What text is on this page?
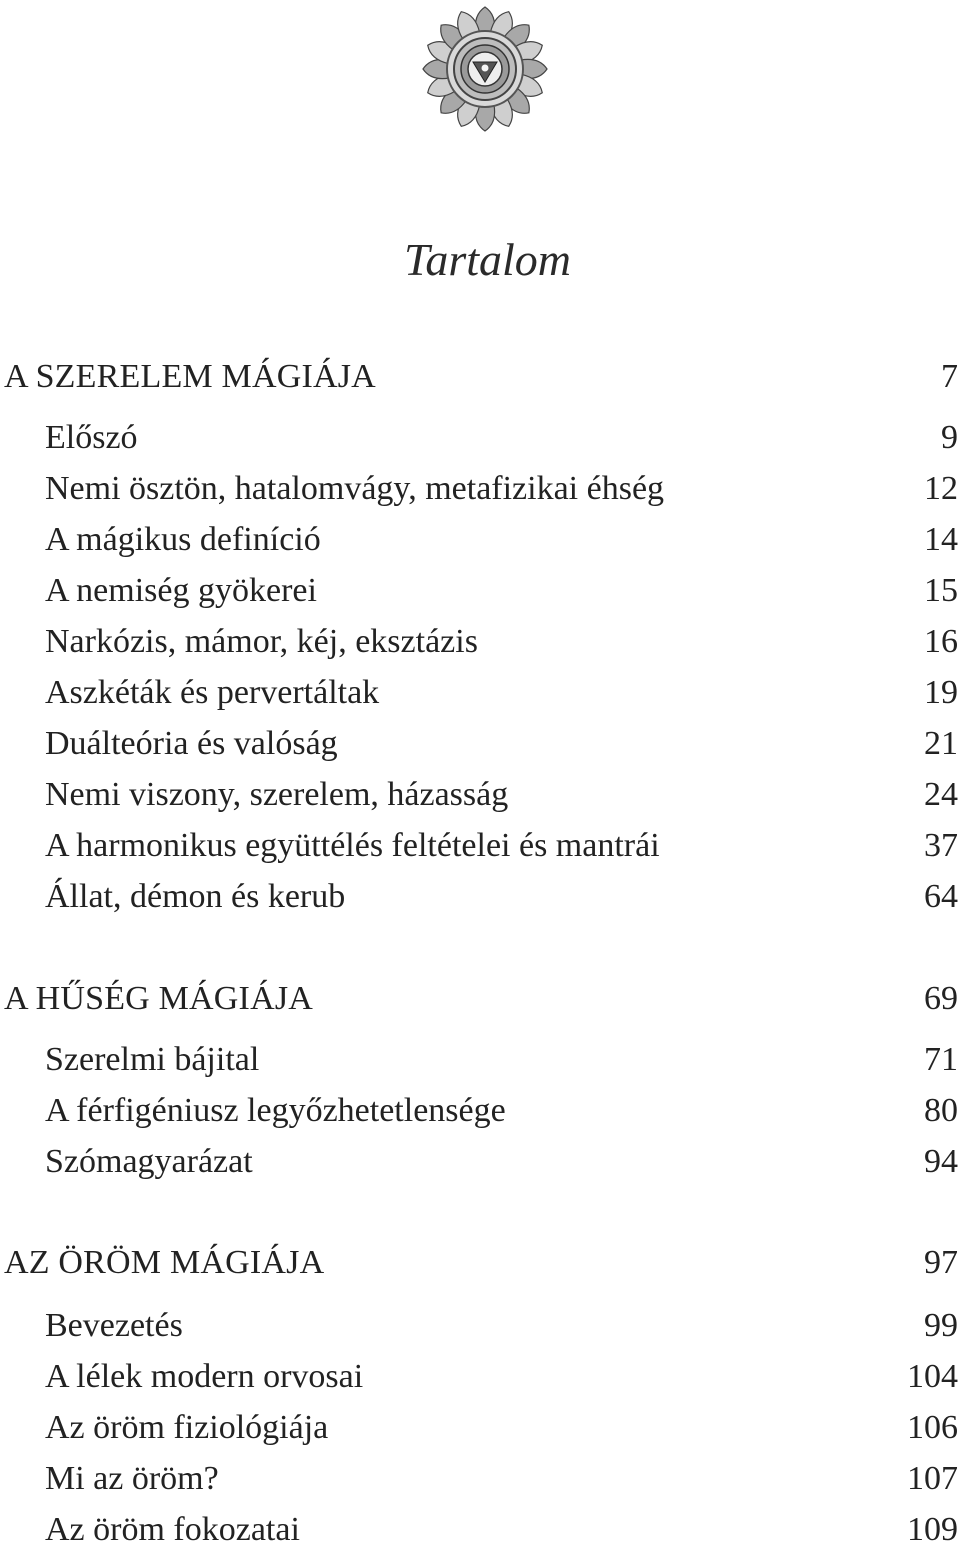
Tartalom
A SZERELEM MÁGIÁJA	7
Előszó	9
Nemi ösztön, hatalomvágy, metafizikai éhség	12
A mágikus definíció	14
A nemiség gyökerei	15
Narkózis, mámor, kéj, eksztázis	16
Aszkéták és pervertáltak	19
Duálteória és valóság	21
Nemi viszony, szerelem, házasság	24
A harmonikus együttélés feltételei és mantrái	37
Állat, démon és kerub	64
A HŰSÉG MÁGIÁJA	69
Szerelmi bájital	71
A férfigéniusz legyőzhetetlensége	80
Szómagyarázat	94
AZ ÖRÖM MÁGIÁJA	97
Bevezetés	99
A lélek modern orvosai	104
Az öröm fiziológiája	106
Mi az öröm?	107
Az öröm fokozatai	109
